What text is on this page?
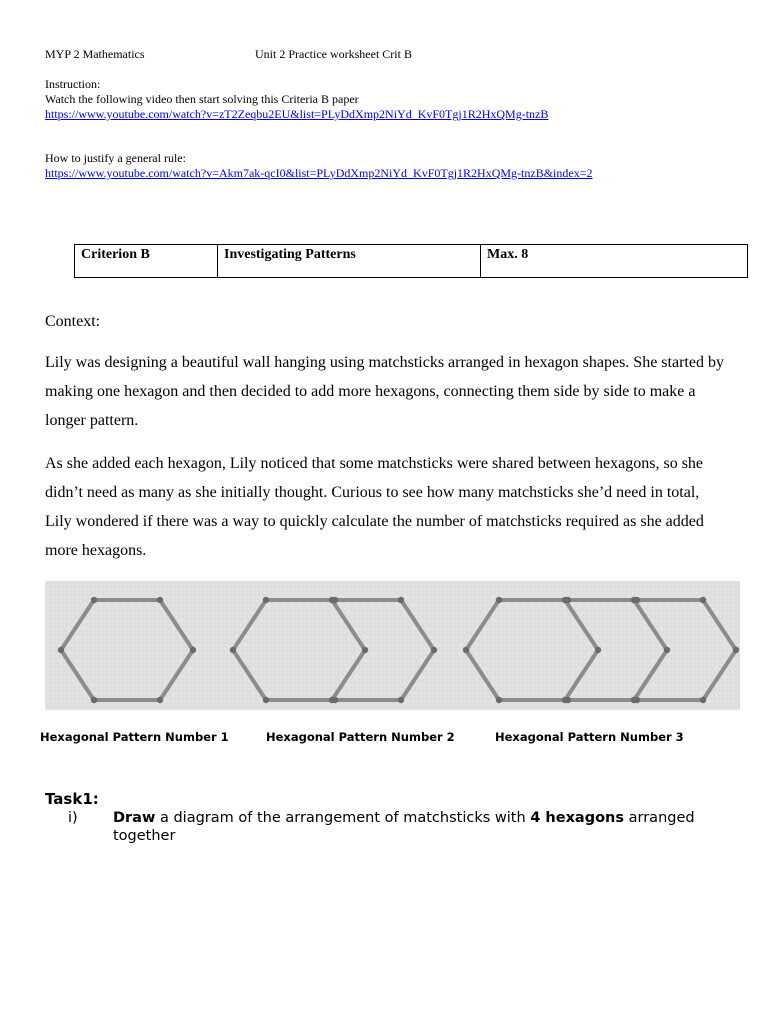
MYP 2 Mathematics	Unit 2 Practice worksheet Crit B
Instruction:
Watch the following video then start solving this Criteria B paper
https://www.youtube.com/watch?v=zT2Zeqbu2EU&list=PLyDdXmp2NiYd_KvF0Tgj1R2HxQMg-tnzB
How to justify a general rule:
https://www.youtube.com/watch?v=Akm7ak-qcI0&list=PLyDdXmp2NiYd_KvF0Tgj1R2HxQMg-tnzB&index=2
Criterion B	Investigating Patterns	Max. 8
Context:
Lily was designing a beautiful wall hanging using matchsticks arranged in hexagon shapes. She started by making one hexagon and then decided to add more hexagons, connecting them side by side to make a longer pattern.
As she added each hexagon, Lily noticed that some matchsticks were shared between hexagons, so she didn’t need as many as she initially thought. Curious to see how many matchsticks she’d need in total, Lily wondered if there was a way to quickly calculate the number of matchsticks required as she added more hexagons.
Hexagonal Pattern Number 1	Hexagonal Pattern Number 2	Hexagonal Pattern Number 3
Task1:
i) Draw a diagram of the arrangement of matchsticks with 4 hexagons arranged together
